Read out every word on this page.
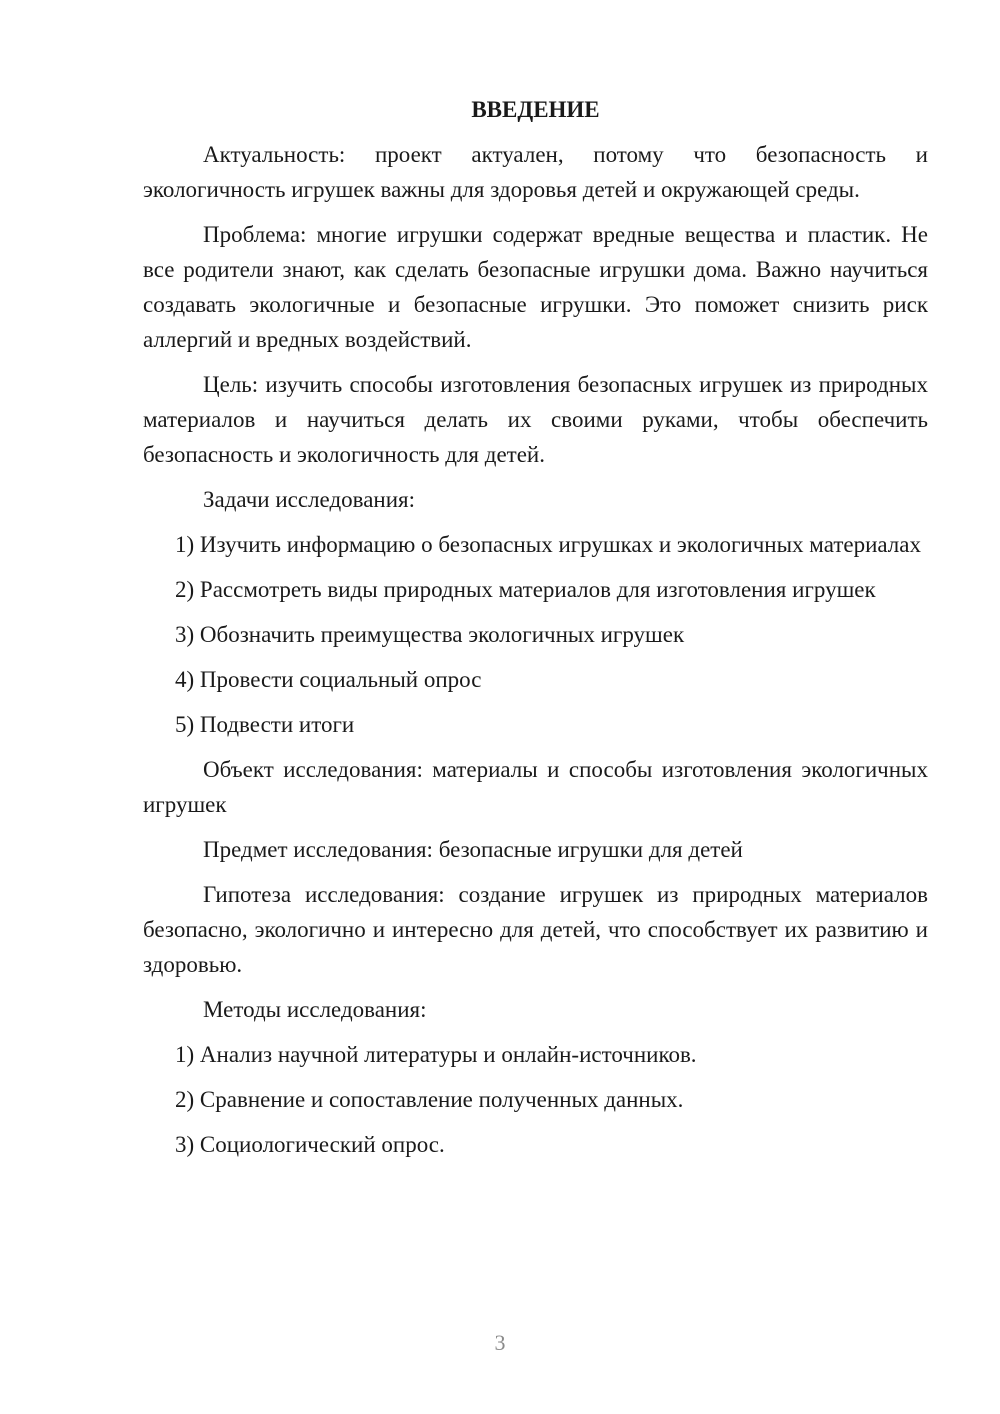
ВВЕДЕНИЕ
Актуальность: проект актуален, потому что безопасность и экологичность игрушек важны для здоровья детей и окружающей среды.
Проблема: многие игрушки содержат вредные вещества и пластик. Не все родители знают, как сделать безопасные игрушки дома. Важно научиться создавать экологичные и безопасные игрушки. Это поможет снизить риск аллергий и вредных воздействий.
Цель: изучить способы изготовления безопасных игрушек из природных материалов и научиться делать их своими руками, чтобы обеспечить безопасность и экологичность для детей.
Задачи исследования:
1) Изучить информацию о безопасных игрушках и экологичных материалах
2) Рассмотреть виды природных материалов для изготовления игрушек
3) Обозначить преимущества экологичных игрушек
4) Провести социальный опрос
5) Подвести итоги
Объект исследования: материалы и способы изготовления экологичных игрушек
Предмет исследования: безопасные игрушки для детей
Гипотеза исследования: создание игрушек из природных материалов безопасно, экологично и интересно для детей, что способствует их развитию и здоровью.
Методы исследования:
1) Анализ научной литературы и онлайн-источников.
2) Сравнение и сопоставление полученных данных.
3) Социологический опрос.
3
